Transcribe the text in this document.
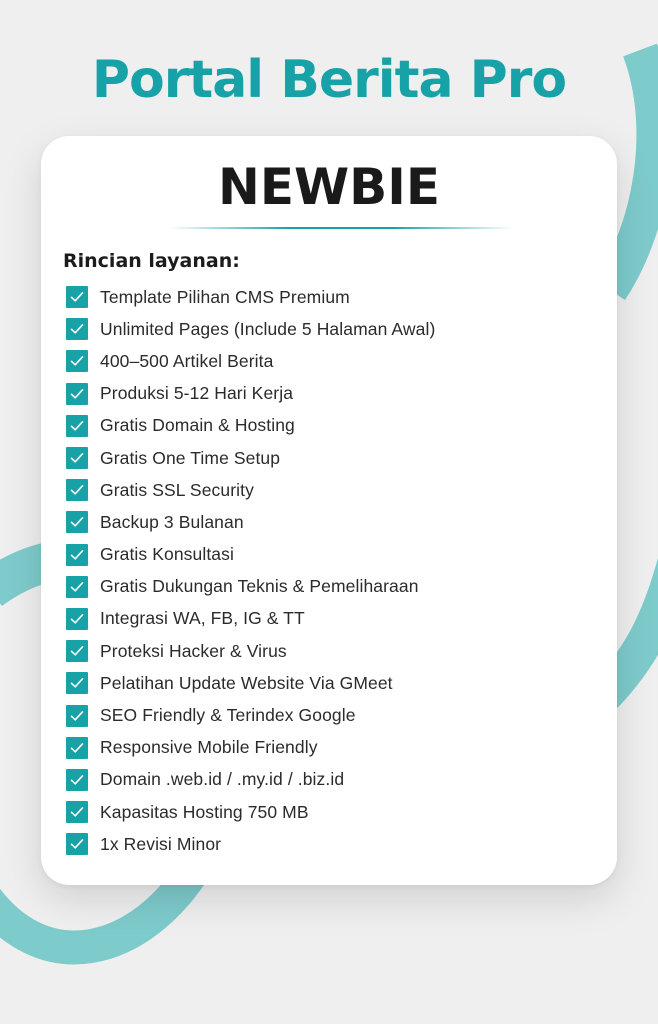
Portal Berita Pro
NEWBIE
Rincian layanan:
Template Pilihan CMS Premium
Unlimited Pages (Include 5 Halaman Awal)
400–500 Artikel Berita
Produksi 5-12 Hari Kerja
Gratis Domain & Hosting
Gratis One Time Setup
Gratis SSL Security
Backup 3 Bulanan
Gratis Konsultasi
Gratis Dukungan Teknis & Pemeliharaan
Integrasi WA, FB, IG & TT
Proteksi Hacker & Virus
Pelatihan Update Website Via GMeet
SEO Friendly & Terindex Google
Responsive Mobile Friendly
Domain .web.id / .my.id / .biz.id
Kapasitas Hosting 750 MB
1x Revisi Minor
